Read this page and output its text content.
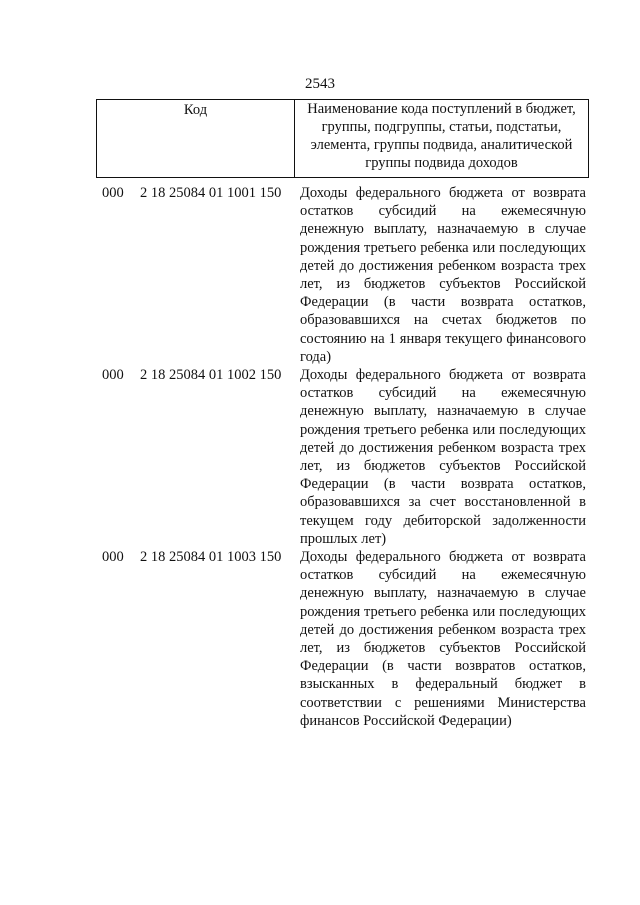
2543
Код	Наименование кода поступлений в бюджет, группы, подгруппы, статьи, подстатьи, элемента, группы подвида, аналитической группы подвида доходов
000 2 18 25084 01 1001 150 Доходы федерального бюджета от возврата остатков субсидий на ежемесячную денежную выплату, назначаемую в случае рождения третьего ребенка или последующих детей до достижения ребенком возраста трех лет, из бюджетов субъектов Российской Федерации (в части возврата остатков, образовавшихся на счетах бюджетов по состоянию на 1 января текущего финансового года)
000 2 18 25084 01 1002 150 Доходы федерального бюджета от возврата остатков субсидий на ежемесячную денежную выплату, назначаемую в случае рождения третьего ребенка или последующих детей до достижения ребенком возраста трех лет, из бюджетов субъектов Российской Федерации (в части возврата остатков, образовавшихся за счет восстановленной в текущем году дебиторской задолженности прошлых лет)
000 2 18 25084 01 1003 150 Доходы федерального бюджета от возврата остатков субсидий на ежемесячную денежную выплату, назначаемую в случае рождения третьего ребенка или последующих детей до достижения ребенком возраста трех лет, из бюджетов субъектов Российской Федерации (в части возвратов остатков, взысканных в федеральный бюджет в соответствии с решениями Министерства финансов Российской Федерации)
